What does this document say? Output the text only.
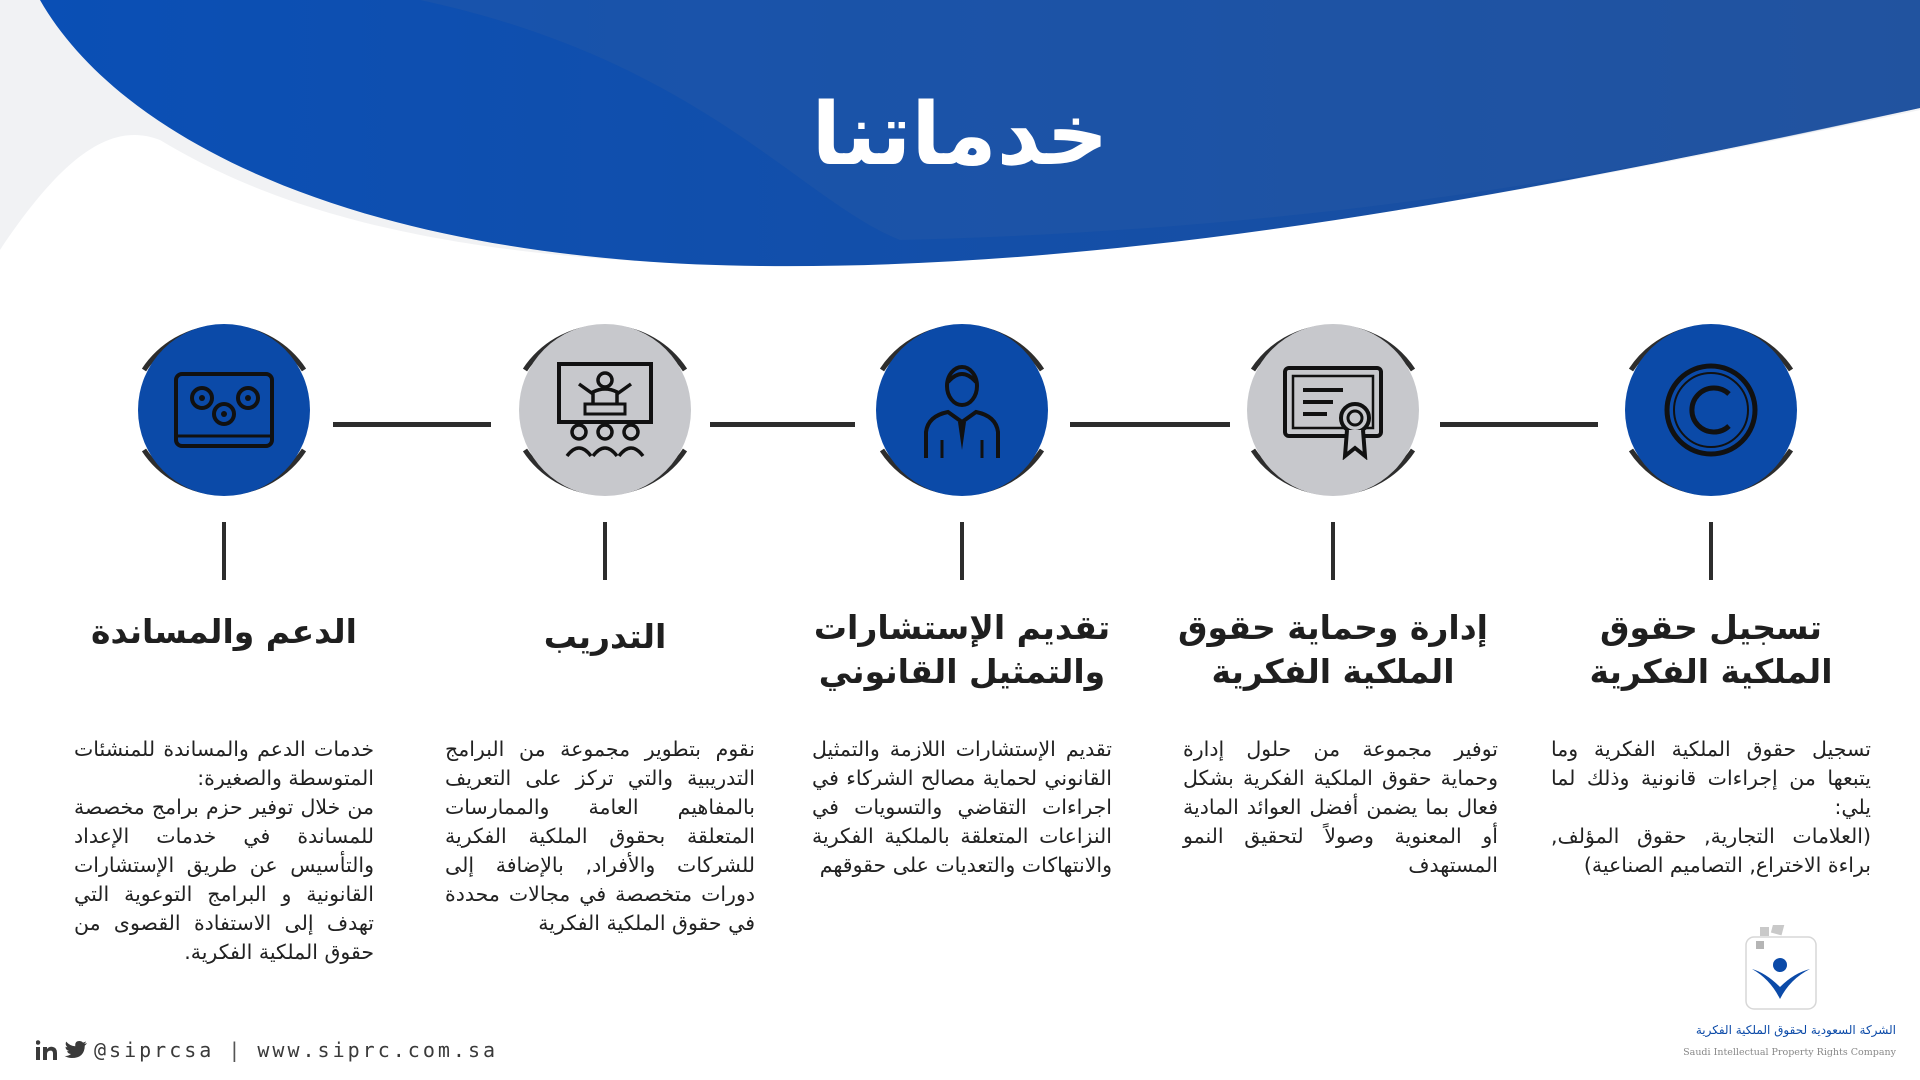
خدماتنا
الدعم والمساندة
خدمات الدعم والمساندة للمنشئات المتوسطة والصغيرة:
من خلال توفير حزم برامج مخصصة للمساندة في خدمات الإعداد والتأسيس عن طريق الإستشارات القانونية و البرامج التوعوية التي تهدف إلى الاستفادة القصوى من حقوق الملكية الفكرية.
التدريب
نقوم بتطوير مجموعة من البرامج التدريبية والتي تركز على التعريف بالمفاهيم العامة والممارسات المتعلقة بحقوق الملكية الفكرية للشركات والأفراد, بالإضافة إلى دورات متخصصة في مجالات محددة في حقوق الملكية الفكرية
تقديم الإستشارات والتمثيل القانوني
تقديم الإستشارات اللازمة والتمثيل القانوني لحماية مصالح الشركاء في اجراءات التقاضي والتسويات في النزاعات المتعلقة بالملكية الفكرية والانتهاكات والتعديات على حقوقهم
إدارة وحماية حقوق الملكية الفكرية
توفير مجموعة من حلول إدارة وحماية حقوق الملكية الفكرية بشكل فعال بما يضمن أفضل العوائد المادية أو المعنوية وصولاً لتحقيق النمو المستهدف
تسجيل حقوق الملكية الفكرية
تسجيل حقوق الملكية الفكرية وما يتبعها من إجراءات قانونية وذلك لما يلي:
(العلامات التجارية, حقوق المؤلف, براءة الاختراع, التصاميم الصناعية)
@siprcsa | www.siprc.com.sa
الشركة السعودية لحقوق الملكية الفكرية
Saudi Intellectual Property Rights Company
